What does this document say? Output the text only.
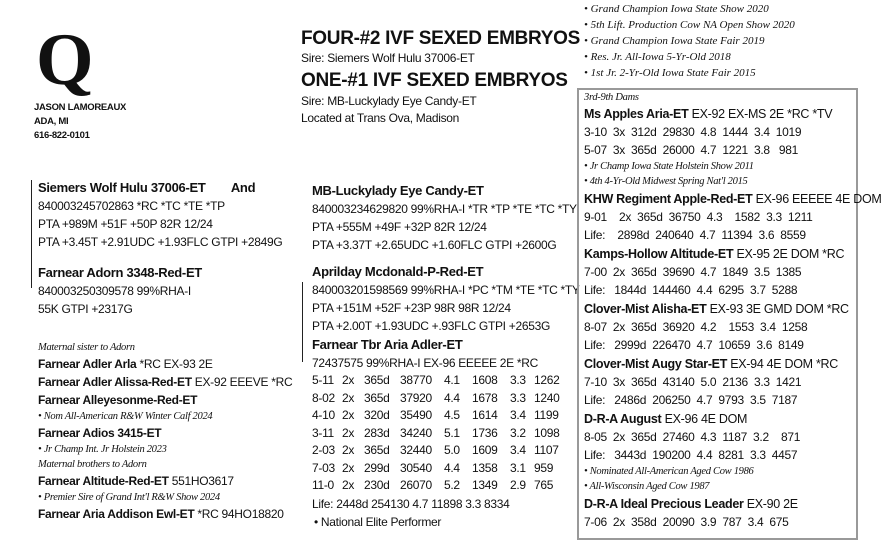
Q
JASON LAMOREAUX
ADA, MI
616-822-0101
FOUR-#2 IVF SEXED EMBRYOS
Sire: Siemers Wolf Hulu 37006-ET
ONE-#1 IVF SEXED EMBRYOS
Sire: MB-Luckylady Eye Candy-ET
Located at Trans Ova, Madison
• Grand Champion Iowa State Show 2020
• 5th Lift. Production Cow NA Open Show 2020
• Grand Champion Iowa State Fair 2019
• Res. Jr. All-Iowa 5-Yr-Old 2018
• 1st Jr. 2-Yr-Old Iowa State Fair 2015
Siemers Wolf Hulu 37006-ET And
840003245702863 *RC *TC *TE *TP
PTA +989M +51F +50P 82R 12/24
PTA +3.45T +2.91UDC +1.93FLC GTPI +2849G
Farnear Adorn 3348-Red-ET
840003250309578 99%RHA-I
55K GTPI +2317G
Maternal sister to Adorn
Farnear Adler Arla *RC EX-93 2E
Farnear Adler Alissa-Red-ET EX-92 EEEVE *RC
Farnear Alleyesonme-Red-ET
• Nom All-American R&W Winter Calf 2024
Farnear Adios 3415-ET
• Jr Champ Int. Jr Holstein 2023
Maternal brothers to Adorn
Farnear Altitude-Red-ET 551HO3617
• Premier Sire of Grand Int'l R&W Show 2024
Farnear Aria Addison Ewl-ET *RC 94HO18820
MB-Luckylady Eye Candy-ET
840003234629820 99%RHA-I *TR *TP *TE *TC *TY
PTA +555M +49F +32P 82R 12/24
PTA +3.37T +2.65UDC +1.60FLC GTPI +2600G
Aprilday Mcdonald-P-Red-ET
840003201598569 99%RHA-I *PC *TM *TE *TC *TY
PTA +151M +52F +23P 98R 98R 12/24
PTA +2.00T +1.93UDC +.93FLC GTPI +2653G
Farnear Tbr Aria Adler-ET
72437575 99%RHA-I EX-96 EEEEE 2E *RC
5-11	2x	365d	38770	4.1	1608	3.3	1262
8-02	2x	365d	37920	4.4	1678	3.3	1240
4-10	2x	320d	35490	4.5	1614	3.4	1199
3-11	2x	283d	34240	5.1	1736	3.2	1098
2-03	2x	365d	32440	5.0	1609	3.4	1107
7-03	2x	299d	30540	4.4	1358	3.1	959
11-0	2x	230d	26070	5.2	1349	2.9	765
Life: 2448d 254130 4.7 11898 3.3 8334
• National Elite Performer
3rd-9th Dams
Ms Apples Aria-ET EX-92 EX-MS 2E *RC *TV
3-10  3x  312d  29830  4.8  1444  3.4  1019
5-07  3x  365d  26000  4.7  1221  3.8   981
• Jr Champ Iowa State Holstein Show 2011
• 4th 4-Yr-Old Midwest Spring Nat'l 2015
KHW Regiment Apple-Red-ET EX-96 EEEEE 4E DOM
9-01    2x  365d  36750  4.3    1582  3.3  1211
Life:    2898d  240640  4.7  11394  3.6  8559
Kamps-Hollow Altitude-ET EX-95 2E DOM *RC
7-00  2x  365d  39690  4.7  1849  3.5  1385
Life:   1844d  144460  4.4  6295  3.7  5288
Clover-Mist Alisha-ET EX-93 3E GMD DOM *RC
8-07  2x  365d  36920  4.2    1553  3.4  1258
Life:   2999d  226470  4.7  10659  3.6  8149
Clover-Mist Augy Star-ET EX-94 4E DOM *RC
7-10  3x  365d  43140  5.0  2136  3.3  1421
Life:   2486d  206250  4.7  9793  3.5  7187
D-R-A August EX-96 4E DOM
8-05  2x  365d  27460  4.3  1187  3.2    871
Life:   3443d  190200  4.4  8281  3.3  4457
• Nominated All-American Aged Cow 1986
• All-Wisconsin Aged Cow 1987
D-R-A Ideal Precious Leader EX-90 2E
7-06  2x  358d  20090  3.9  787  3.4  675
